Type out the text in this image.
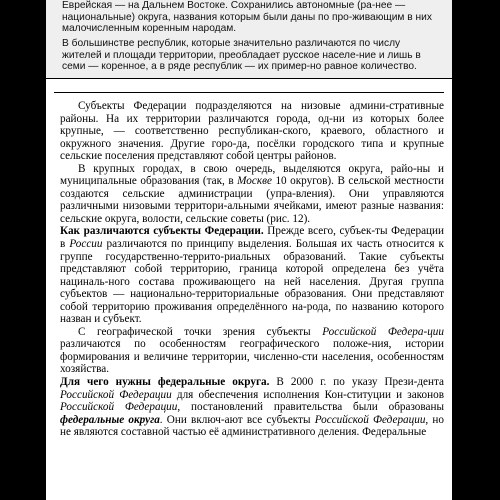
Еврейская — на Дальнем Востоке. Сохранились автономные (ра-нее — национальные) округа, названия которым были даны по про-живающим в них малочисленным коренным народам.

В большинстве республик, которые значительно различаются по числу жителей и площади территории, преобладает русское населе-ние и лишь в семи — коренное, а в ряде республик — их пример-но равное количество.

Субъекты Федерации подразделяются на низовые админи-стративные районы. На их территории различаются города, од-ни из которых более крупные, — соответственно республикан-ского, краевого, областного и окружного значения. Другие горо-да, посёлки городского типа и крупные сельские поселения представляют собой центры районов.

В крупных городах, в свою очередь, выделяются округа, райо-ны и муниципальные образования (так, в Москве 10 округов). В сельской местности создаются сельские администрации (упра-вления). Они управляются различными низовыми территори-альными ячейками, имеют разные названия: сельские округа, волости, сельские советы (рис. 12).

Как различаются субъекты Федерации. Прежде всего, субъек-ты Федерации в России различаются по принципу выделения. Большая их часть относится к группе государственно-террито-риальных образований. Такие субъекты представляют собой территорию, граница которой определена без учёта нациналь-ного состава проживающего на ней населения. Другая группа субъектов — национально-территориальные образования. Они представляют собой территорию проживания определённого на-рода, по названию которого назван и субъект.

С географической точки зрения субъекты Российской Федера-ции различаются по особенностям географического положе-ния, истории формирования и величине территории, численно-сти населения, особенностям хозяйства.

Для чего нужны федеральные округа. В 2000 г. по указу Прези-дента Российской Федерации для обеспечения исполнения Кон-ституции и законов Российской Федерации, постановлений правительства были образованы федеральные округа. Они включ-ают все субъекты Российской Федерации, но не являются составной частью её административного деления. Федеральные
